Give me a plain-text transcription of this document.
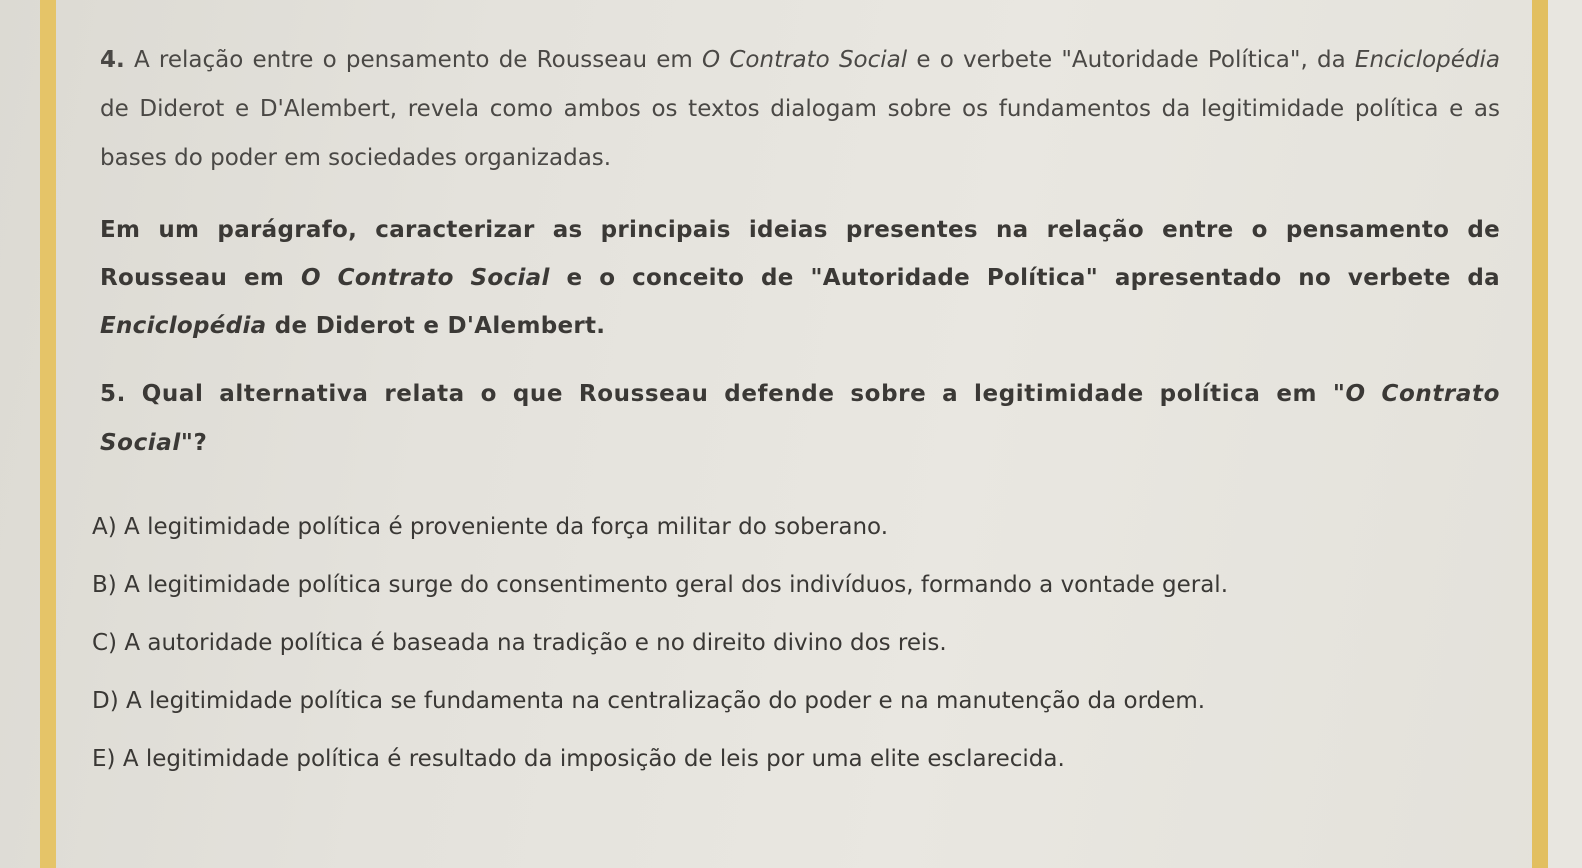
4. A relação entre o pensamento de Rousseau em O Contrato Social e o verbete "Autoridade Política", da Enciclopédia de Diderot e D'Alembert, revela como ambos os textos dialogam sobre os fundamentos da legitimidade política e as bases do poder em sociedades organizadas.

Em um parágrafo, caracterizar as principais ideias presentes na relação entre o pensamento de Rousseau em O Contrato Social e o conceito de "Autoridade Política" apresentado no verbete da Enciclopédia de Diderot e D'Alembert.

5. Qual alternativa relata o que Rousseau defende sobre a legitimidade política em "O Contrato Social"?

A) A legitimidade política é proveniente da força militar do soberano.
B) A legitimidade política surge do consentimento geral dos indivíduos, formando a vontade geral.
C) A autoridade política é baseada na tradição e no direito divino dos reis.
D) A legitimidade política se fundamenta na centralização do poder e na manutenção da ordem.
E) A legitimidade política é resultado da imposição de leis por uma elite esclarecida.
